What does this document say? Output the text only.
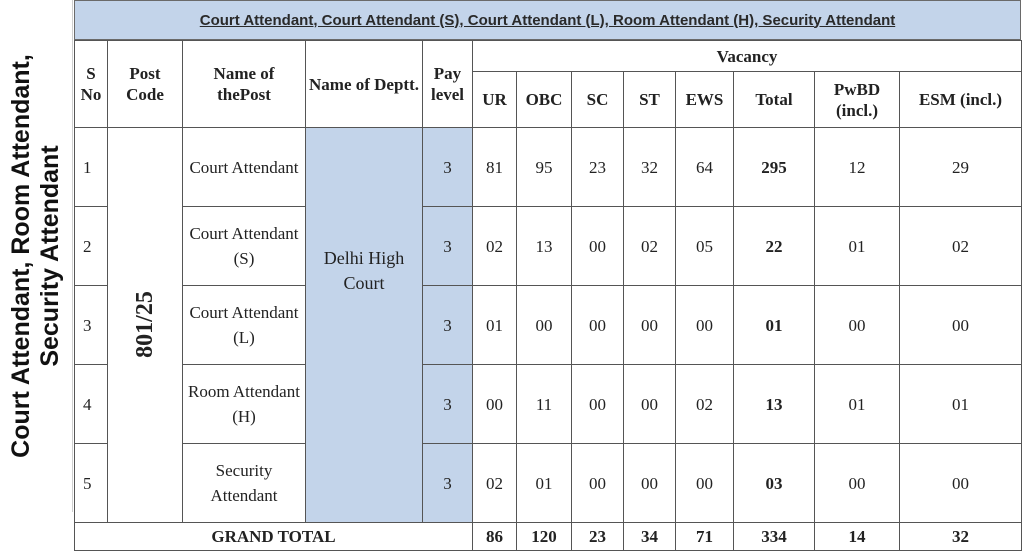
Court Attendant, Room Attendant, Security Attendant
Court Attendant, Court Attendant (S), Court Attendant (L), Room Attendant (H), Security Attendant
S No	Post Code	Name of thePost	Name of Deptt.	Pay level	Vacancy							
					UR	OBC	SC	ST	EWS	Total	PwBD (incl.)	ESM (incl.)
1	801/25	Court Attendant	Delhi High Court	3	81	95	23	32	64	295	12	29
2		Court Attendant (S)		3	02	13	00	02	05	22	01	02
3		Court Attendant (L)		3	01	00	00	00	00	01	00	00
4		Room Attendant (H)		3	00	11	00	00	02	13	01	01
5		Security Attendant		3	02	01	00	00	00	03	00	00
GRAND TOTAL					86	120	23	34	71	334	14	32
